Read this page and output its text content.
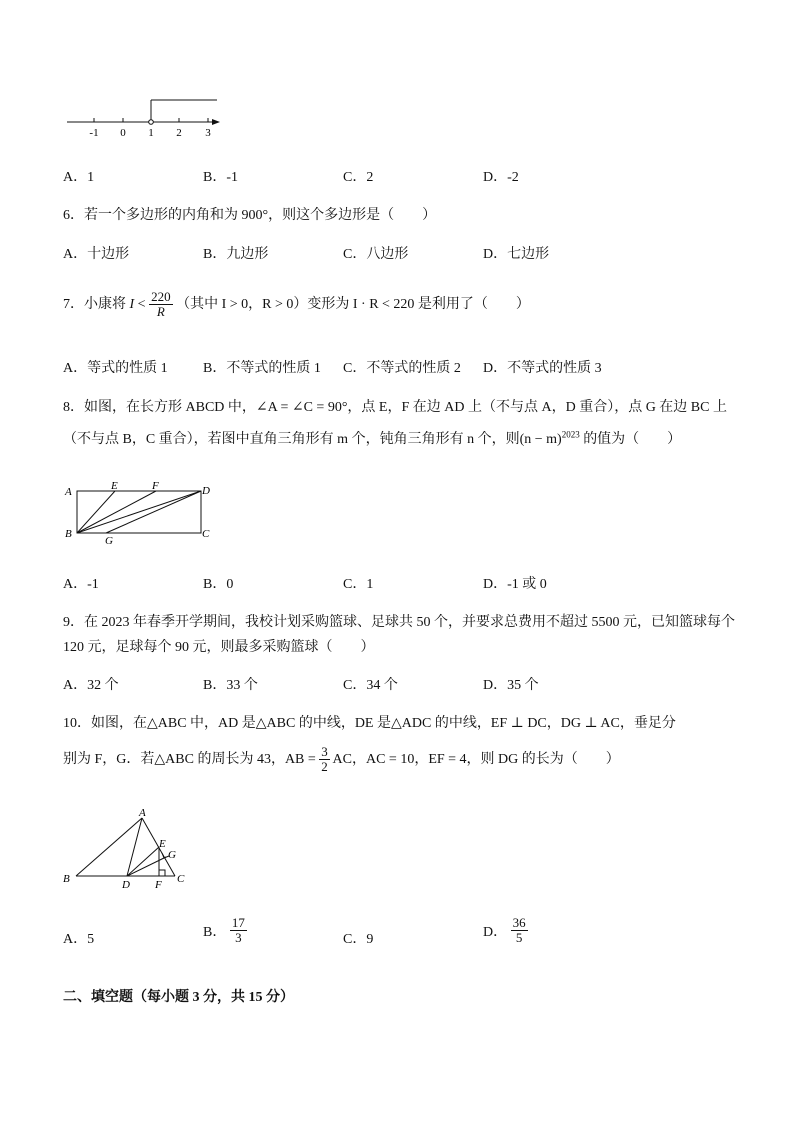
-1 0 1 2 3
A．1	B．-1	C．2	D．-2
6．若一个多边形的内角和为 900°，则这个多边形是（　　）
A．十边形	B．九边形	C．八边形	D．七边形
7．小康将 $I < \frac{220}{R}$ （其中 I > 0，R > 0）变形为 I · R < 220 是利用了（　　）
A．等式的性质 1	B．不等式的性质 1 C．不等式的性质 2 D．不等式的性质 3
8．如图，在长方形 ABCD 中，∠A = ∠C = 90°，点 E，F 在边 AD 上（不与点 A，D 重合），点 G 在边 BC 上
（不与点 B，C 重合），若图中直角三角形有 m 个，钝角三角形有 n 个，则$(n - m)^{2023}$ 的值为（　　）
A	E	F	D
B
G
C
A．-1	B．0	C．1	D．-1 或 0
9．在 2023 年春季开学期间，我校计划采购篮球、足球共 50 个，并要求总费用不超过 5500 元，已知篮球每个
120 元，足球每个 90 元，则最多采购篮球（　　）
A．32 个	B．33 个	C．34 个	D．35 个
10．如图，在△ABC 中，AD 是△ABC 的中线，DE 是△ADC 的中线，EF ⊥ DC，DG ⊥ AC，垂足分
别为 F，G．若△ABC 的周长为 43，AB = $\frac{3}{2}$ AC，AC = 10，EF = 4，则 DG 的长为（　　）
A
E
G
B	D F C
A．5	B． $\frac{17}{3}$	C．9	D． $\frac{36}{5}$
二、填空题（每小题 3 分，共 15 分）
